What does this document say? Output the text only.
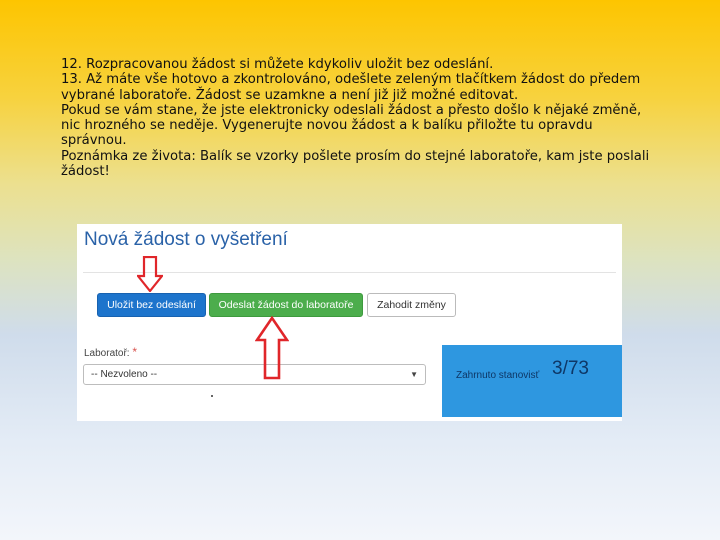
12. Rozpracovanou žádost si můžete kdykoliv uložit bez odeslání.

13. Až máte vše hotovo a zkontrolováno, odešlete zeleným tlačítkem žádost do předem vybrané laboratoře. Žádost se uzamkne a není již již možné editovat.

Pokud se vám stane, že jste elektronicky odeslali žádost a přesto došlo k nějaké změně, nic hrozného se neděje. Vygenerujte novou žádost a k balíku přiložte tu opravdu správnou.

Poznámka ze života: Balík se vzorky pošlete prosím do stejné laboratoře, kam jste poslali žádost!

Nová žádost o vyšetření
Uložit bez odeslání	Odeslat žádost do laboratoře	Zahodit změny
Laboratoř: *
-- Nezvoleno --	▼	Zahrnuto stanovisť 3/73
